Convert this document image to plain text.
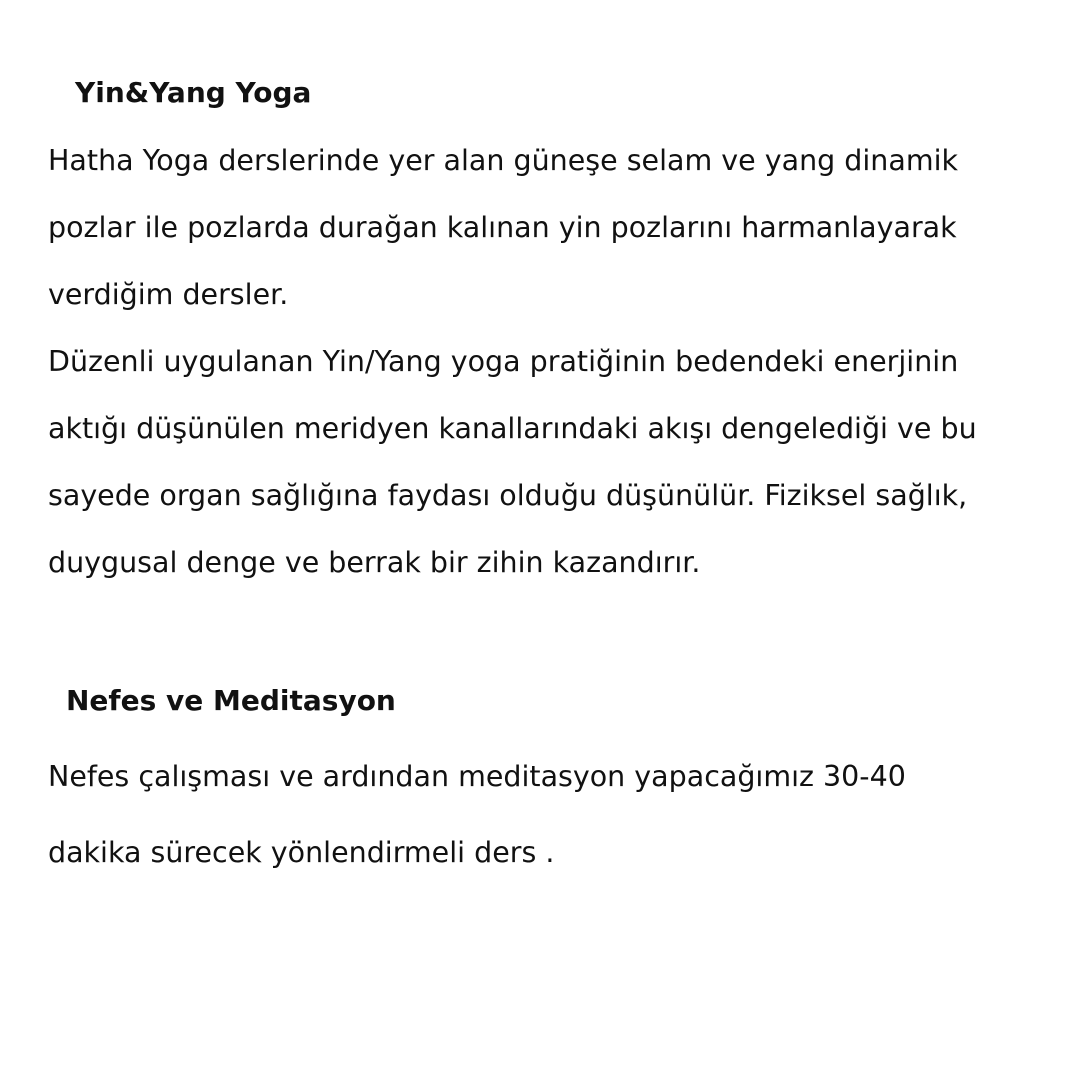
Yin&Yang Yoga

Hatha Yoga derslerinde yer alan güneşe selam ve yang dinamik

pozlar ile pozlarda durağan kalınan yin pozlarını harmanlayarak

verdiğim dersler.

Düzenli uygulanan Yin/Yang yoga pratiğinin bedendeki enerjinin

aktığı düşünülen meridyen kanallarındaki akışı dengelediği ve bu

sayede organ sağlığına faydası olduğu düşünülür. Fiziksel sağlık,

duygusal denge ve berrak bir zihin kazandırır.

Nefes ve Meditasyon

Nefes çalışması ve ardından meditasyon yapacağımız 30-40

dakika sürecek yönlendirmeli ders .
